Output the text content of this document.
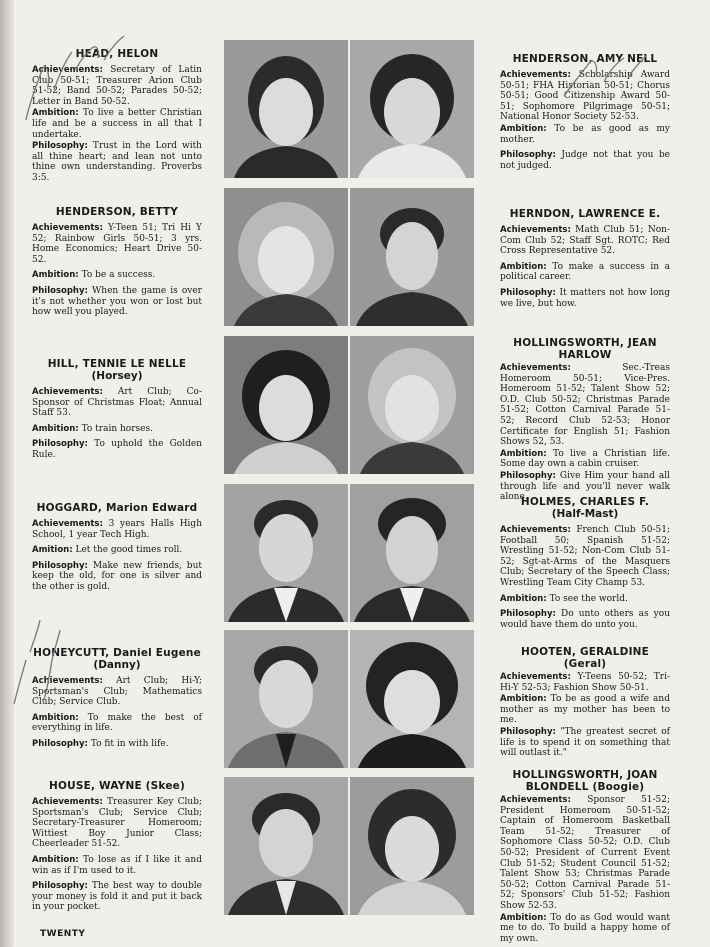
HEAD, HELON
Achievements: Secretary of Latin Club 50-51; Treasurer Arion Club 51-52; Band 50-52; Parades 50-52; Letter in Band 50-52.
Ambition: To live a better Christian life and be a success in all that I undertake.
Philosophy: Trust in the Lord with all thine heart; and lean not unto thine own understanding. Proverbs 3:5.
HENDERSON, BETTY
Achievements: Y-Teen 51; Tri Hi Y 52; Rainbow Girls 50-51; 3 yrs. Home Economics; Heart Drive 50-52.
Ambition: To be a success.
Philosophy: When the game is over it's not whether you won or lost but how well you played.
HILL, TENNIE LE NELLE
(Horsey)
Achievements: Art Club; Co-Sponsor of Christmas Float; Annual Staff 53.
Ambition: To train horses.
Philosophy: To uphold the Golden Rule.
HOGGARD, Marion Edward
Achievements: 3 years Halls High School, 1 year Tech High.
Amition: Let the good times roll.
Philosophy: Make new friends, but keep the old, for one is silver and the other is gold.
HONEYCUTT, Daniel Eugene
(Danny)
Achievements: Art Club; Hi-Y; Sportsman's Club; Mathematics Club; Service Club.
Ambition: To make the best of everything in life.
Philosophy: To fit in with life.
HOUSE, WAYNE (Skee)
Achievements: Treasurer Key Club; Sportsman's Club; Service Club; Secretary-Treasurer Homeroom; Wittiest Boy Junior Class; Cheerleader 51-52.
Ambition: To lose as if I like it and win as if I'm used to it.
Philosophy: The best way to double your money is fold it and put it back in your pocket.
HENDERSON, AMY NELL
Achievements: Scholarship Award 50-51; FHA Historian 50-51; Chorus 50-51; Good Citizenship Award 50-51; Sophomore Pilgrimage 50-51; National Honor Society 52-53.
Ambition: To be as good as my mother.
Philosophy: Judge not that you be not judged.
HERNDON, LAWRENCE E.
Achievements: Math Club 51; Non-Com Club 52; Staff Sgt. ROTC; Red Cross Representative 52.
Ambition: To make a success in a political career.
Philosophy: It matters not how long we live, but how.
HOLLINGSWORTH, JEAN HARLOW
Achievements:	Sec.-Treas Homeroom 50-51; Vice-Pres. Homeroom 51-52; Talent Show 52; O.D. Club 50-52; Christmas Parade 51-52; Cotton Carnival Parade 51-52; Record Club 52-53; Honor Certificate for English 51; Fashion Shows 52, 53.
Ambition: To live a Christian life. Some day own a cabin cruiser.
Philosophy: Give Him your hand all through life and you'll never walk alone.
HOLMES, CHARLES F.
(Half-Mast)
Achievements: French Club 50-51; Football 50; Spanish 51-52; Wrestling 51-52; Non-Com Club 51-52; Sgt-at-Arms of the Masquers Club; Secretary of the Speech Class; Wrestling Team City Champ 53.
Ambition: To see the world.
Philosophy: Do unto others as you would have them do unto you.
HOOTEN, GERALDINE (Geral)
Achievements: Y-Teens 50-52; Tri-Hi-Y 52-53; Fashion Show 50-51.
Ambition: To be as good a wife and mother as my mother has been to me.
Philosophy: "The greatest secret of life is to spend it on something that will outlast it."
HOLLINGSWORTH, JOAN BLONDELL (Boogie)
Achievements: Sponsor 51-52; President Homeroom 50-51-52; Captain of Homeroom Basketball Team 51-52; Treasurer of Sophomore Class 50-52; O.D. Club 50-52; President of Current Event Club 51-52; Student Council 51-52; Talent Show 53; Christmas Parade 50-52; Cotton Carnival Parade 51-52; Sponsors' Club 51-52; Fashion Show 52-53.
Ambition: To do as God would want me to do. To build a happy home of my own.
TWENTY
